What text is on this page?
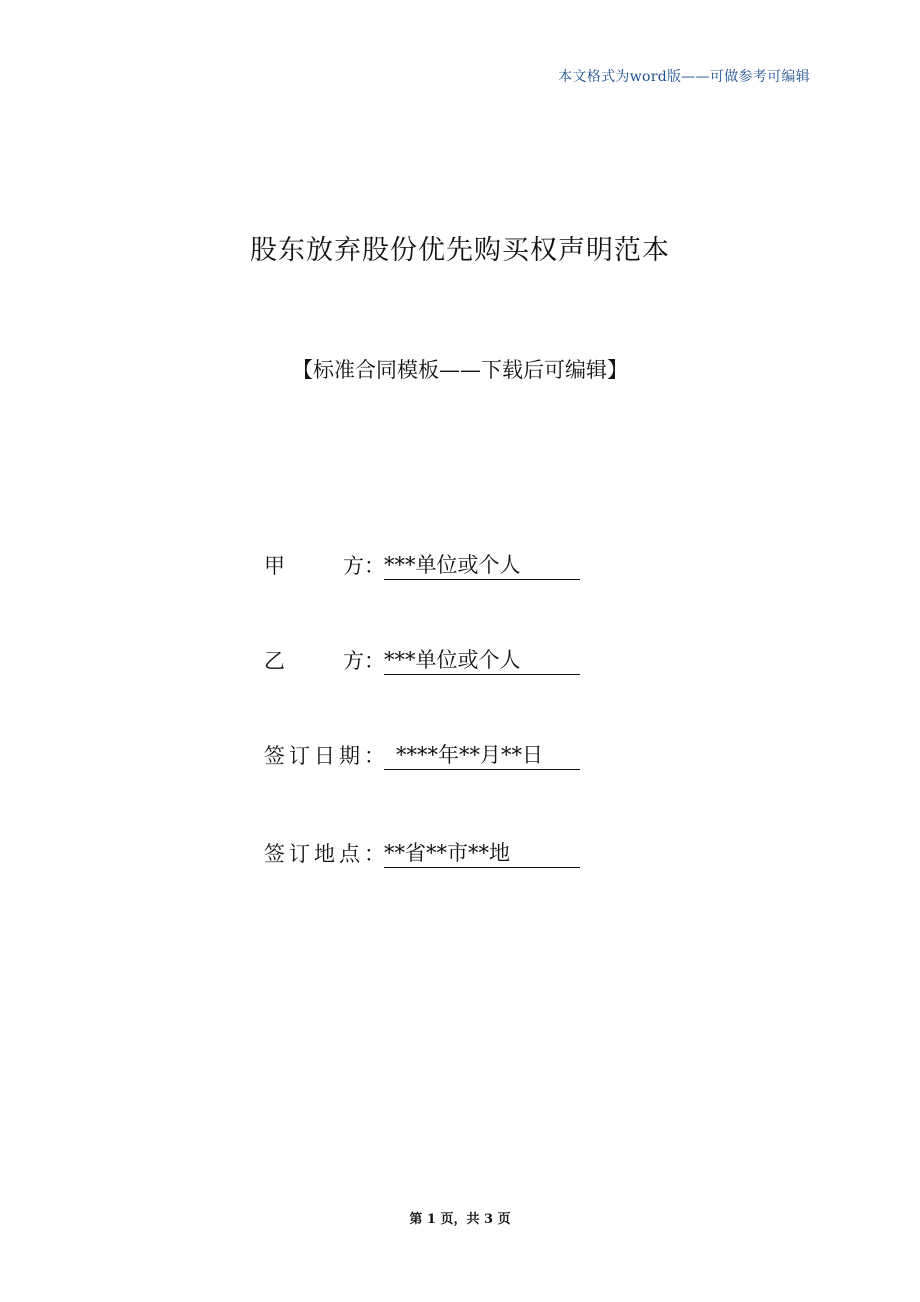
本文格式为word版——可做参考可编辑
股东放弃股份优先购买权声明范本
【标准合同模板——下载后可编辑】
甲	方 ： ***单位或个人
乙	方 ： ***单位或个人
签订日期 ： ****年**月**日
签订地点 ： **省**市**地
第 1 页，共 3 页
